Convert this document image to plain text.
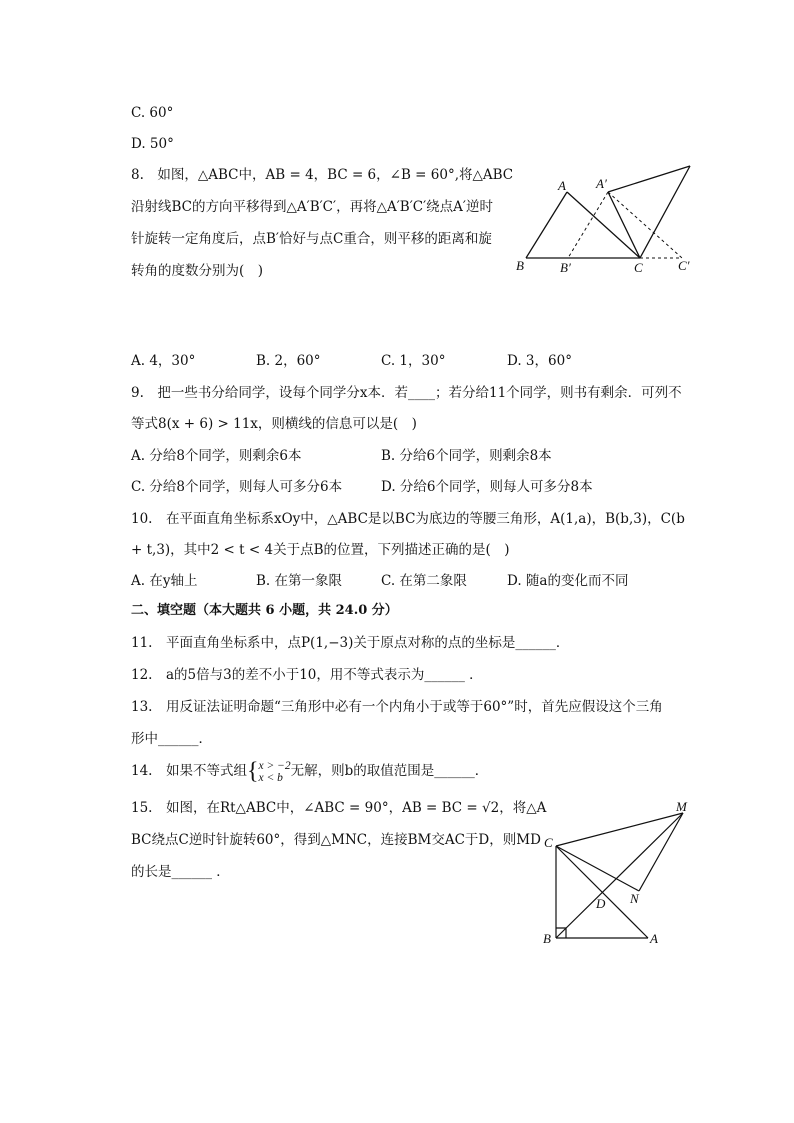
C. 60°
D. 50°
8.　如图，△ABC中，AB = 4，BC = 6，∠B = 60°,将△ABC
沿射线BC的方向平移得到△A′B′C′，再将△A′B′C′绕点A′逆时
针旋转一定角度后，点B′恰好与点C重合，则平移的距离和旋
转角的度数分别为(　)
A A′
B	B′	C	C′
A. 4，30°	B. 2，60°	C. 1，30°	D. 3，60°
9.　把一些书分给同学，设每个同学分x本．若____；若分给11个同学，则书有剩余．可列不
等式8(x + 6) > 11x，则横线的信息可以是(　)
A. 分给8个同学，则剩余6本	B. 分给6个同学，则剩余8本
C. 分给8个同学，则每人可多分6本	D. 分给6个同学，则每人可多分8本
10.　在平面直角坐标系xOy中，△ABC是以BC为底边的等腰三角形，A(1,a)，B(b,3)，C(b
+ t,3)，其中2 < t < 4关于点B的位置，下列描述正确的是(　)
A. 在y轴上	B. 在第一象限	C. 在第二象限	D. 随a的变化而不同
二、填空题（本大题共 6 小题，共 24.0 分）
11.　平面直角坐标系中，点P(1,−3)关于原点对称的点的坐标是______．
12.　a的5倍与3的差不小于10，用不等式表示为______ ．
13.　用反证法证明命题“三角形中必有一个内角小于或等于60°”时，首先应假设这个三角
形中______．
14.　如果不等式组{ x > −2
x < b 无解，则b的取值范围是______．
15.　如图，在Rt△ABC中，∠ABC = 90°，AB = BC = √2，将△A
BC绕点C逆时针旋转60°，得到△MNC，连接BM交AC于D，则MD
的长是______ ．
M
C
N
D
B	A
